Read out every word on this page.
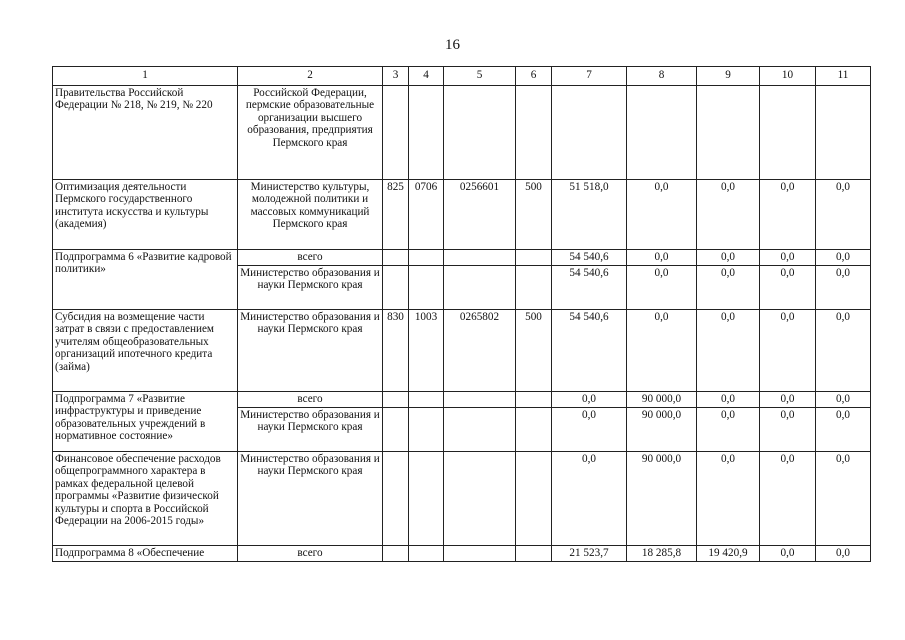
16
1	2	3	4	5	6	7	8	9	10	11
Правительства Российской Федерации № 218, № 219, № 220	Российской Федерации, пермские образовательные организации высшего образования, предприятия Пермского края									
Оптимизация деятельности Пермского государственного института искусства и культуры (академия)	Министерство культуры, молодежной политики и массовых коммуникаций Пермского края	825	0706	0256601	500	51 518,0	0,0	0,0	0,0	0,0
Подпрограмма 6 «Развитие кадровой политики»	всего					54 540,6	0,0	0,0	0,0	0,0
	Министерство образования и науки Пермского края					54 540,6	0,0	0,0	0,0	0,0
Субсидия на возмещение части затрат в связи с предоставлением учителям общеобразовательных организаций ипотечного кредита (займа)	Министерство образования и науки Пермского края	830	1003	0265802	500	54 540,6	0,0	0,0	0,0	0,0
Подпрограмма 7 «Развитие инфраструктуры и приведение образовательных учреждений в нормативное состояние»	всего					0,0	90 000,0	0,0	0,0	0,0
	Министерство образования и науки Пермского края					0,0	90 000,0	0,0	0,0	0,0
Финансовое обеспечение расходов общепрограммного характера в рамках федеральной целевой программы «Развитие физической культуры и спорта в Российской Федерации на 2006-2015 годы»	Министерство образования и науки Пермского края					0,0	90 000,0	0,0	0,0	0,0
Подпрограмма 8 «Обеспечение	всего					21 523,7	18 285,8	19 420,9	0,0	0,0
